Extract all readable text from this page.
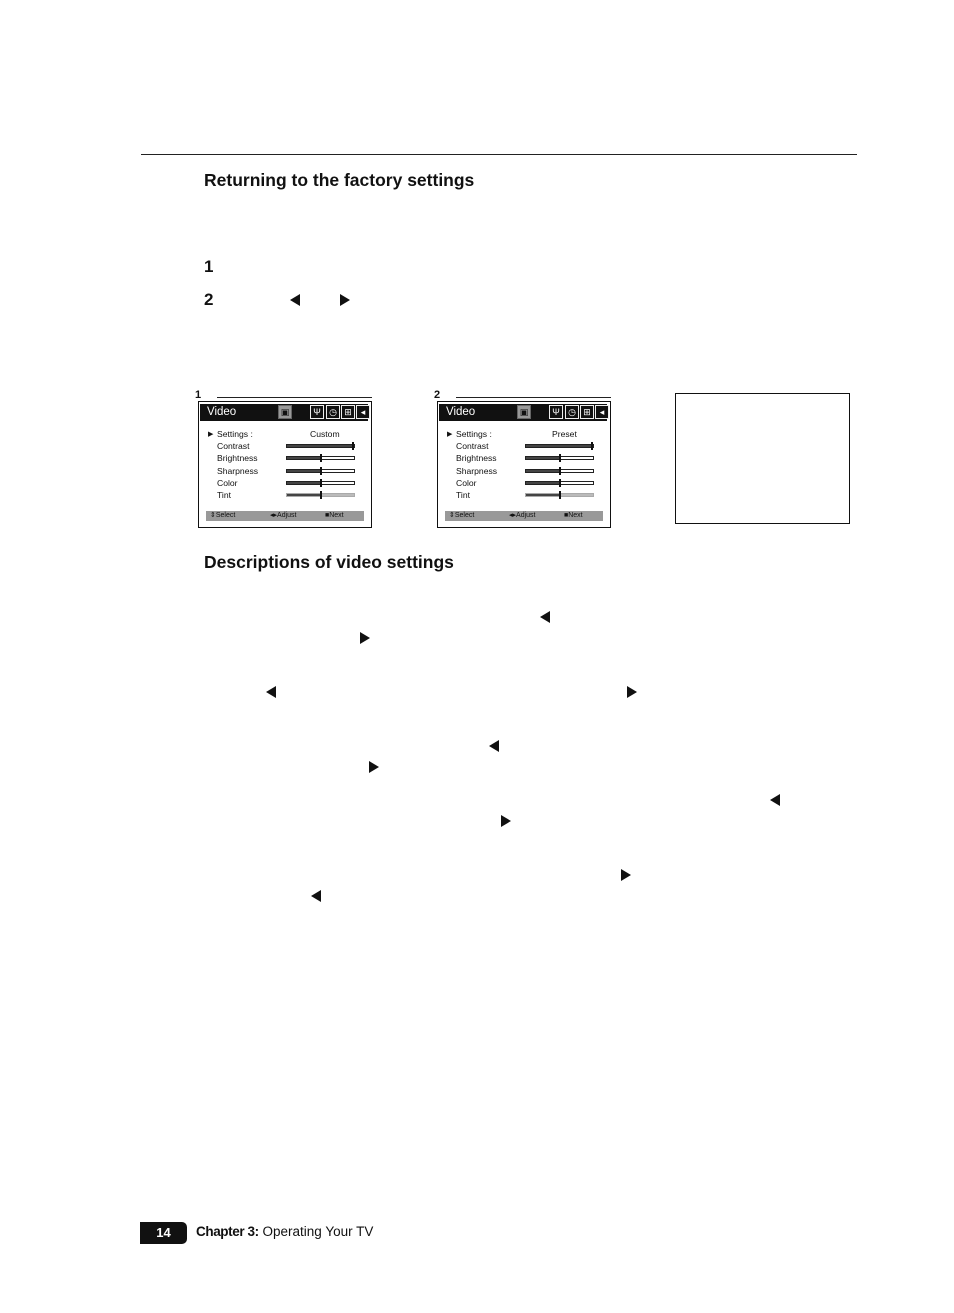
Returning to the factory settings
1
2
1
Video	▣	Ψ ◷ ⊞ ◂
▶ Settings :	Custom
Contrast
Brightness
Sharpness
Color
Tint
⇕Select	◂▸Adjust	■Next
2
Video	▣	Ψ ◷ ⊞ ◂
▶ Settings :	Preset
Contrast
Brightness
Sharpness
Color
Tint
⇕Select	◂▸Adjust	■Next
Descriptions of video settings
14	Chapter 3: Operating Your TV
